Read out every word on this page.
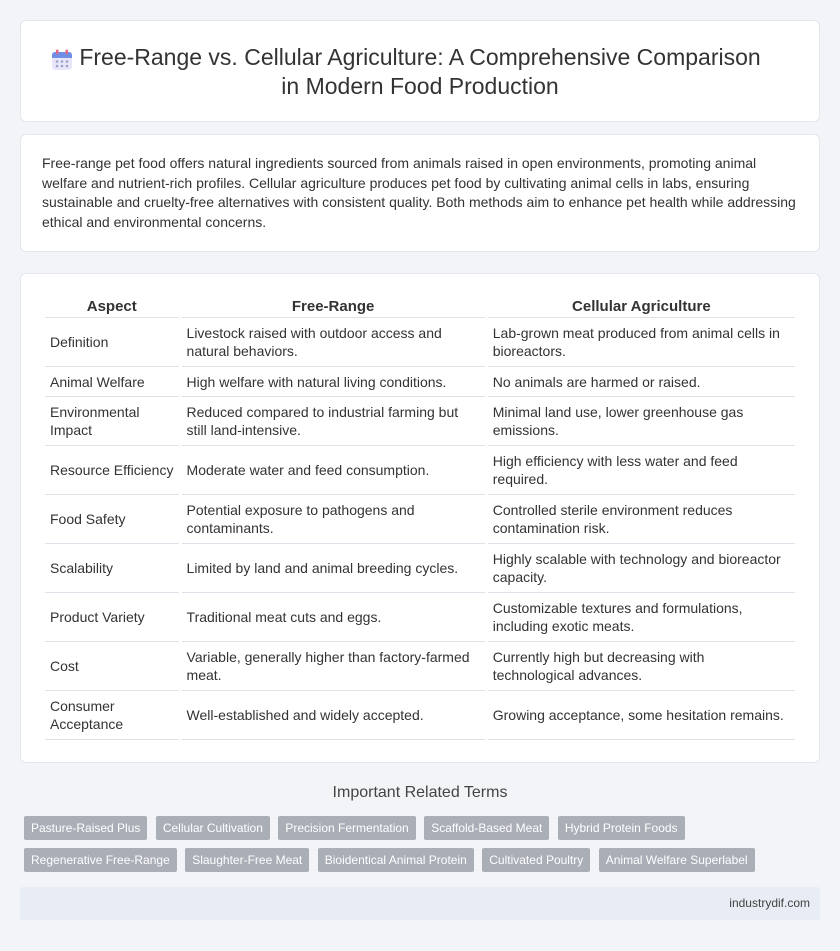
Free-Range vs. Cellular Agriculture: A Comprehensive Comparison
in Modern Food Production

Free-range pet food offers natural ingredients sourced from animals raised in open environments, promoting animal welfare and nutrient-rich profiles. Cellular agriculture produces pet food by cultivating animal cells in labs, ensuring sustainable and cruelty-free alternatives with consistent quality. Both methods aim to enhance pet health while addressing ethical and environmental concerns.

Aspect	Free-Range	Cellular Agriculture
Definition	Livestock raised with outdoor access and natural behaviors.	Lab-grown meat produced from animal cells in bioreactors.
Animal Welfare	High welfare with natural living conditions.	No animals are harmed or raised.
Environmental Impact	Reduced compared to industrial farming but still land-intensive.	Minimal land use, lower greenhouse gas emissions.
Resource Efficiency	Moderate water and feed consumption.	High efficiency with less water and feed required.
Food Safety	Potential exposure to pathogens and contaminants.	Controlled sterile environment reduces contamination risk.
Scalability	Limited by land and animal breeding cycles.	Highly scalable with technology and bioreactor capacity.
Product Variety	Traditional meat cuts and eggs.	Customizable textures and formulations, including exotic meats.
Cost	Variable, generally higher than factory-farmed meat.	Currently high but decreasing with technological advances.
Consumer Acceptance	Well-established and widely accepted.	Growing acceptance, some hesitation remains.
Important Related Terms
Pasture-Raised Plus Cellular Cultivation Precision Fermentation Scaffold-Based Meat Hybrid Protein Foods
Regenerative Free-Range Slaughter-Free Meat Bioidentical Animal Protein Cultivated Poultry Animal Welfare Superlabel
industrydif.com
